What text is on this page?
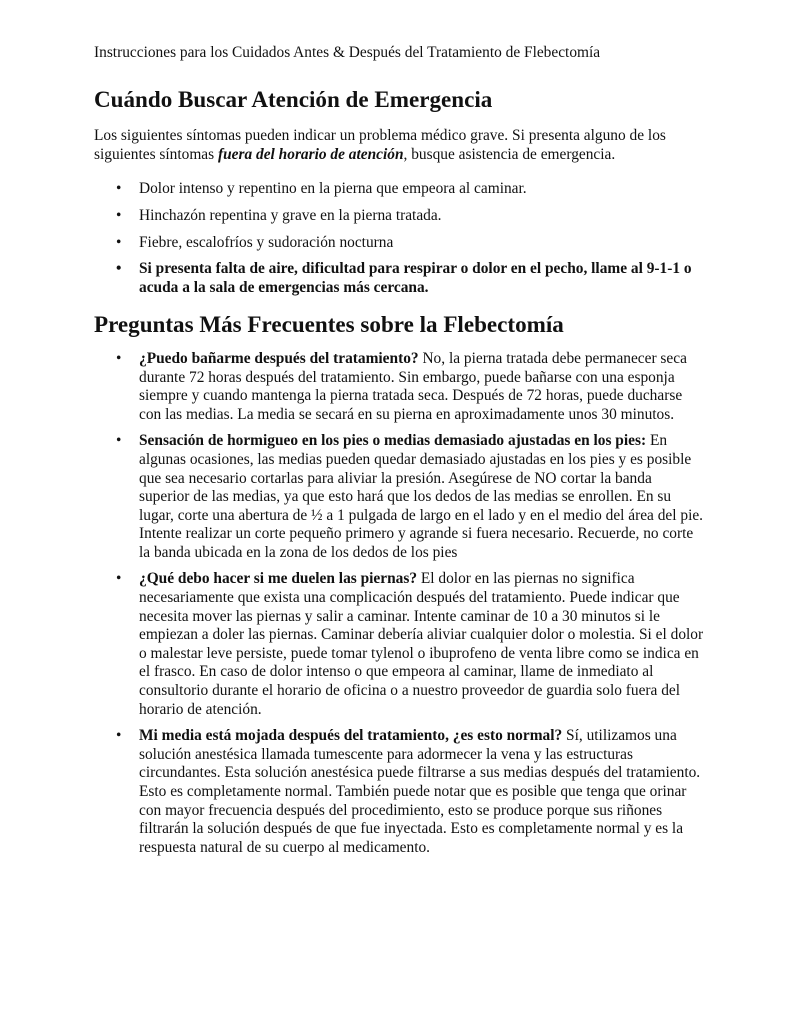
Instrucciones para los Cuidados Antes & Después del Tratamiento de Flebectomía
Cuándo Buscar Atención de Emergencia

Los siguientes síntomas pueden indicar un problema médico grave. Si presenta alguno de los siguientes síntomas fuera del horario de atención, busque asistencia de emergencia.

• Dolor intenso y repentino en la pierna que empeora al caminar.
• Hinchazón repentina y grave en la pierna tratada.
• Fiebre, escalofríos y sudoración nocturna
• Si presenta falta de aire, dificultad para respirar o dolor en el pecho, llame al 9-1-1 o acuda a la sala de emergencias más cercana.
Preguntas Más Frecuentes sobre la Flebectomía
• ¿Puedo bañarme después del tratamiento? No, la pierna tratada debe permanecer seca durante 72 horas después del tratamiento. Sin embargo, puede bañarse con una esponja siempre y cuando mantenga la pierna tratada seca. Después de 72 horas, puede ducharse con las medias. La media se secará en su pierna en aproximadamente unos 30 minutos.
• Sensación de hormigueo en los pies o medias demasiado ajustadas en los pies: En algunas ocasiones, las medias pueden quedar demasiado ajustadas en los pies y es posible que sea necesario cortarlas para aliviar la presión. Asegúrese de NO cortar la banda superior de las medias, ya que esto hará que los dedos de las medias se enrollen. En su lugar, corte una abertura de ½ a 1 pulgada de largo en el lado y en el medio del área del pie. Intente realizar un corte pequeño primero y agrande si fuera necesario. Recuerde, no corte la banda ubicada en la zona de los dedos de los pies
• ¿Qué debo hacer si me duelen las piernas? El dolor en las piernas no significa necesariamente que exista una complicación después del tratamiento. Puede indicar que necesita mover las piernas y salir a caminar. Intente caminar de 10 a 30 minutos si le empiezan a doler las piernas. Caminar debería aliviar cualquier dolor o molestia. Si el dolor o malestar leve persiste, puede tomar tylenol o ibuprofeno de venta libre como se indica en el frasco. En caso de dolor intenso o que empeora al caminar, llame de inmediato al consultorio durante el horario de oficina o a nuestro proveedor de guardia solo fuera del horario de atención.
• Mi media está mojada después del tratamiento, ¿es esto normal? Sí, utilizamos una solución anestésica llamada tumescente para adormecer la vena y las estructuras circundantes. Esta solución anestésica puede filtrarse a sus medias después del tratamiento. Esto es completamente normal. También puede notar que es posible que tenga que orinar con mayor frecuencia después del procedimiento, esto se produce porque sus riñones filtrarán la solución después de que fue inyectada. Esto es completamente normal y es la respuesta natural de su cuerpo al medicamento.
